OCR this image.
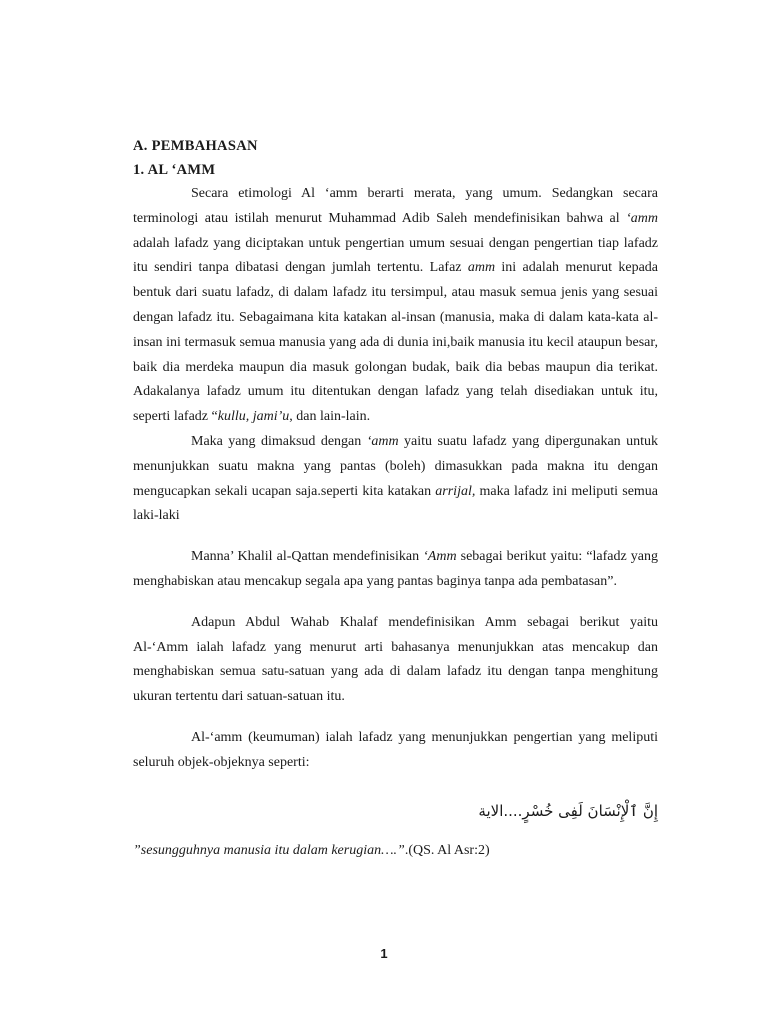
A. PEMBAHASAN
1. AL ‘AMM

Secara etimologi Al ‘amm berarti merata, yang umum. Sedangkan secara terminologi atau istilah menurut Muhammad Adib Saleh mendefinisikan bahwa al ‘amm adalah lafadz yang diciptakan untuk pengertian umum sesuai dengan pengertian tiap lafadz itu sendiri tanpa dibatasi dengan jumlah tertentu. Lafaz amm ini adalah menurut kepada bentuk dari suatu lafadz, di dalam lafadz itu tersimpul, atau masuk semua jenis yang sesuai dengan lafadz itu. Sebagaimana kita katakan al-insan (manusia, maka di dalam kata-kata al-insan ini termasuk semua manusia yang ada di dunia ini,baik manusia itu kecil ataupun besar, baik dia merdeka maupun dia masuk golongan budak, baik dia bebas maupun dia terikat. Adakalanya lafadz umum itu ditentukan dengan lafadz yang telah disediakan untuk itu, seperti lafadz “kullu, jami’u, dan lain-lain.

Maka yang dimaksud dengan ‘amm yaitu suatu lafadz yang dipergunakan untuk menunjukkan suatu makna yang pantas (boleh) dimasukkan pada makna itu dengan mengucapkan sekali ucapan saja.seperti kita katakan arrijal, maka lafadz ini meliputi semua laki-laki

Manna’ Khalil al-Qattan mendefinisikan ‘Amm sebagai berikut yaitu: “lafadz yang menghabiskan atau mencakup segala apa yang pantas baginya tanpa ada pembatasan”.

Adapun Abdul Wahab Khalaf mendefinisikan Amm sebagai berikut yaitu Al-‘Amm ialah lafadz yang menurut arti bahasanya menunjukkan atas mencakup dan menghabiskan semua satu-satuan yang ada di dalam lafadz itu dengan tanpa menghitung ukuran tertentu dari satuan-satuan itu.

Al-‘amm (keumuman) ialah lafadz yang menunjukkan pengertian yang meliputi seluruh objek-objeknya seperti:

إِنَّ ٱلْإِنْسَانَ لَفِى خُسْرٍ....الاية

”sesungguhnya manusia itu dalam kerugian….”.(QS. Al Asr:2)

1
